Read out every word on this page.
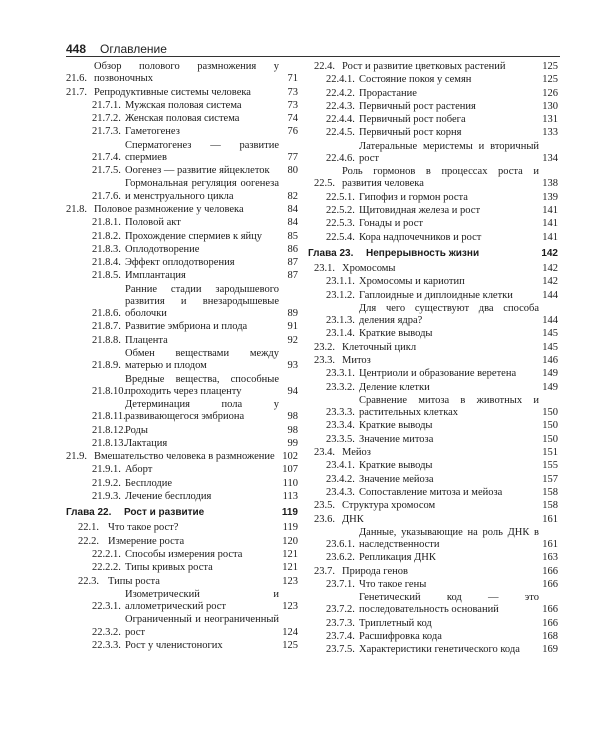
448 Оглавление
21.6.
Обзор полового размножения у позвоночных	71
21.7. Репродуктивные системы человека	73
21.7.1. Мужская половая система	73
21.7.2. Женская половая система	74
21.7.3. Гаметогенез	76
21.7.4.
Сперматогенез — развитие спермиев	77
21.7.5. Оогенез — развитие яйцеклеток	80
21.7.6.
Гормональная регуляция оогенеза и менструального цикла	82
21.8. Половое размножение у человека	84
21.8.1. Половой акт	84
21.8.2. Прохождение спермиев к яйцу	85
21.8.3. Оплодотворение	86
21.8.4. Эффект оплодотворения	87
21.8.5. Имплантация	87
21.8.6.
Ранние стадии зародышевого развития и внезародышевые оболочки	89
21.8.7. Развитие эмбриона и плода	91
21.8.8. Плацента	92
21.8.9.
Обмен веществами между матерью и плодом	93
21.8.10.
Вредные вещества, способные проходить через плаценту	94
21.8.11.
Детерминация пола у развивающегося эмбриона	98
21.8.12.
Роды	98
21.8.13.
Лактация	99
21.9. Вмешательство человека в размножение 102
21.9.1. Аборт	107
21.9.2. Бесплодие	110
21.9.3. Лечение бесплодия	113
Глава 22.	Рост и развитие	119
22.1. Что такое рост?	119
22.2. Измерение роста	120
22.2.1. Способы измерения роста	121
22.2.2. Типы кривых роста	121
22.3. Типы роста	123
22.3.1.
Изометрический и аллометрический рост	123
22.3.2.
Ограниченный и неограниченный рост	124
22.3.3. Рост у членистоногих	125
22.4. Рост и развитие цветковых растений	125
22.4.1. Состояние покоя у семян	125
22.4.2. Прорастание	126
22.4.3. Первичный рост растения	130
22.4.4. Первичный рост побега	131
22.4.5. Первичный рост корня	133
22.4.6.
Латеральные меристемы и вторичный рост	134
22.5.
Роль гормонов в процессах роста и развития человека	138
22.5.1. Гипофиз и гормон роста	139
22.5.2. Щитовидная железа и рост	141
22.5.3. Гонады и рост	141
22.5.4. Кора надпочечников и рост	141
Глава 23.	Непрерывность жизни	142
23.1. Хромосомы	142
23.1.1. Хромосомы и кариотип	142
23.1.2. Гаплоидные и диплоидные клетки	144
23.1.3.
Для чего существуют два способа деления ядра?	144
23.1.4. Краткие выводы	145
23.2. Клеточный цикл	145
23.3. Митоз	146
23.3.1. Центриоли и образование веретена	149
23.3.2. Деление клетки	149
23.3.3.
Сравнение митоза в животных и растительных клетках	150
23.3.4. Краткие выводы	150
23.3.5. Значение митоза	150
23.4. Мейоз	151
23.4.1. Краткие выводы	155
23.4.2. Значение мейоза	157
23.4.3. Сопоставление митоза и мейоза	158
23.5. Структура хромосом	158
23.6. ДНК	161
23.6.1.
Данные, указывающие на роль ДНК в наследственности	161
23.6.2. Репликация ДНК	163
23.7. Природа генов	166
23.7.1. Что такое гены	166
23.7.2.
Генетический код — это последовательность оснований	166
23.7.3. Триплетный код	166
23.7.4. Расшифровка кода	168
23.7.5. Характеристики генетического кода	169
